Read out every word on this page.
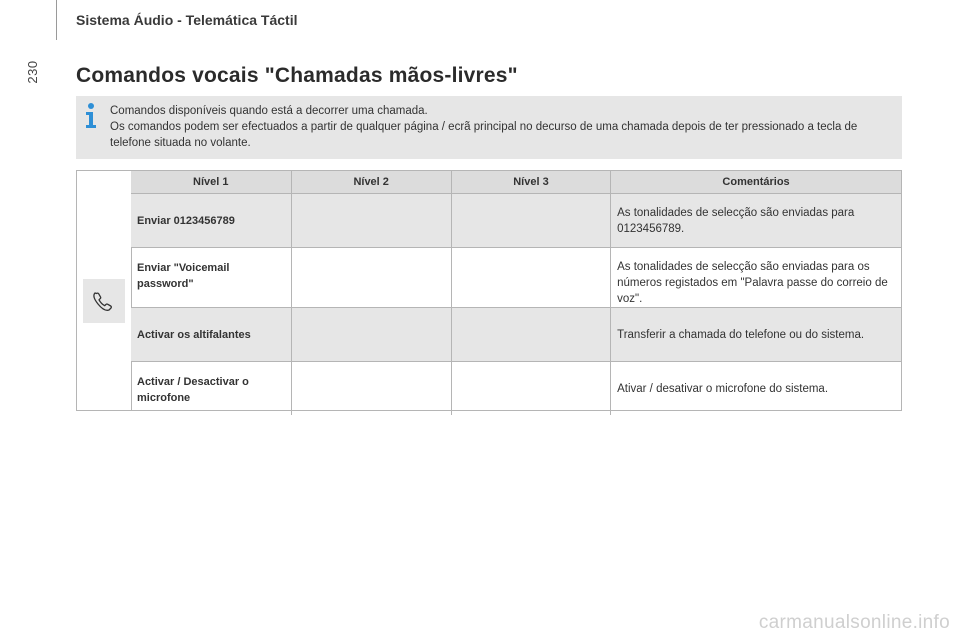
230
Sistema Áudio - Telemática Táctil
Comandos vocais "Chamadas mãos-livres"

Comandos disponíveis quando está a decorrer uma chamada.

Os comandos podem ser efectuados a partir de qualquer página / ecrã principal no decurso de uma chamada depois de ter pressionado a tecla de telefone situada no volante.

Nível 1	Nível 2	Nível 3	Comentários

Enviar 0123456789			As tonalidades de selecção são enviadas para 0123456789.

Enviar "Voicemail password"			As tonalidades de selecção são enviadas para os números registados em "Palavra passe do correio de voz".

Activar os altifalantes			Transferir a chamada do telefone ou do sistema.

Activar / Desactivar o microfone			Ativar / desativar o microfone do sistema.
carmanualsonline.info
